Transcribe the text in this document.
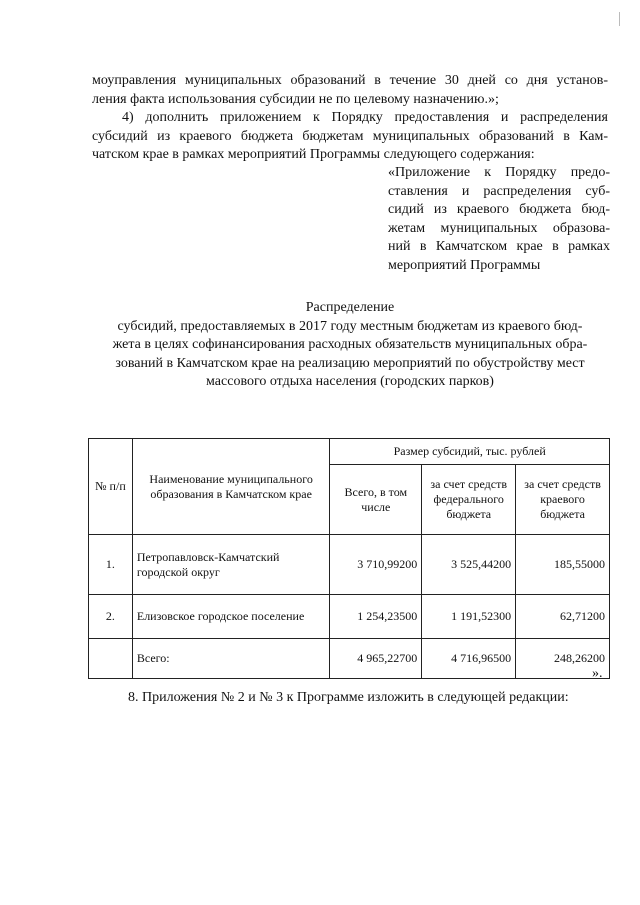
моуправления муниципальных образований в течение 30 дней со дня установ-
ления факта использования субсидии не по целевому назначению.»;
4) дополнить приложением к Порядку предоставления и распределения
субсидий из краевого бюджета бюджетам муниципальных образований в Кам-
чатском крае в рамках мероприятий Программы следующего содержания:
«Приложение к Порядку предо-
ставления и распределения суб-
сидий из краевого бюджета бюд-
жетам муниципальных образова-
ний в Камчатском крае в рамках
мероприятий Программы
Распределение
субсидий, предоставляемых в 2017 году местным бюджетам из краевого бюд-
жета в целях софинансирования расходных обязательств муниципальных обра-
зований в Камчатском крае на реализацию мероприятий по обустройству мест
массового отдыха населения (городских парков)
№ п/п	Наименование муниципального образования в Камчатском крае	Размер субсидий, тыс. рублей		
		Всего, в том числе	за счет средств федерального бюджета	за счет средств краевого бюджета
1.	Петропавловск-Камчатский городской округ	3 710,99200	3 525,44200	185,55000
2.	Елизовское городское поселение	1 254,23500	1 191,52300	62,71200
	Всего:	4 965,22700	4 716,96500	248,26200
».
8. Приложения № 2 и № 3 к Программе изложить в следующей редакции:
